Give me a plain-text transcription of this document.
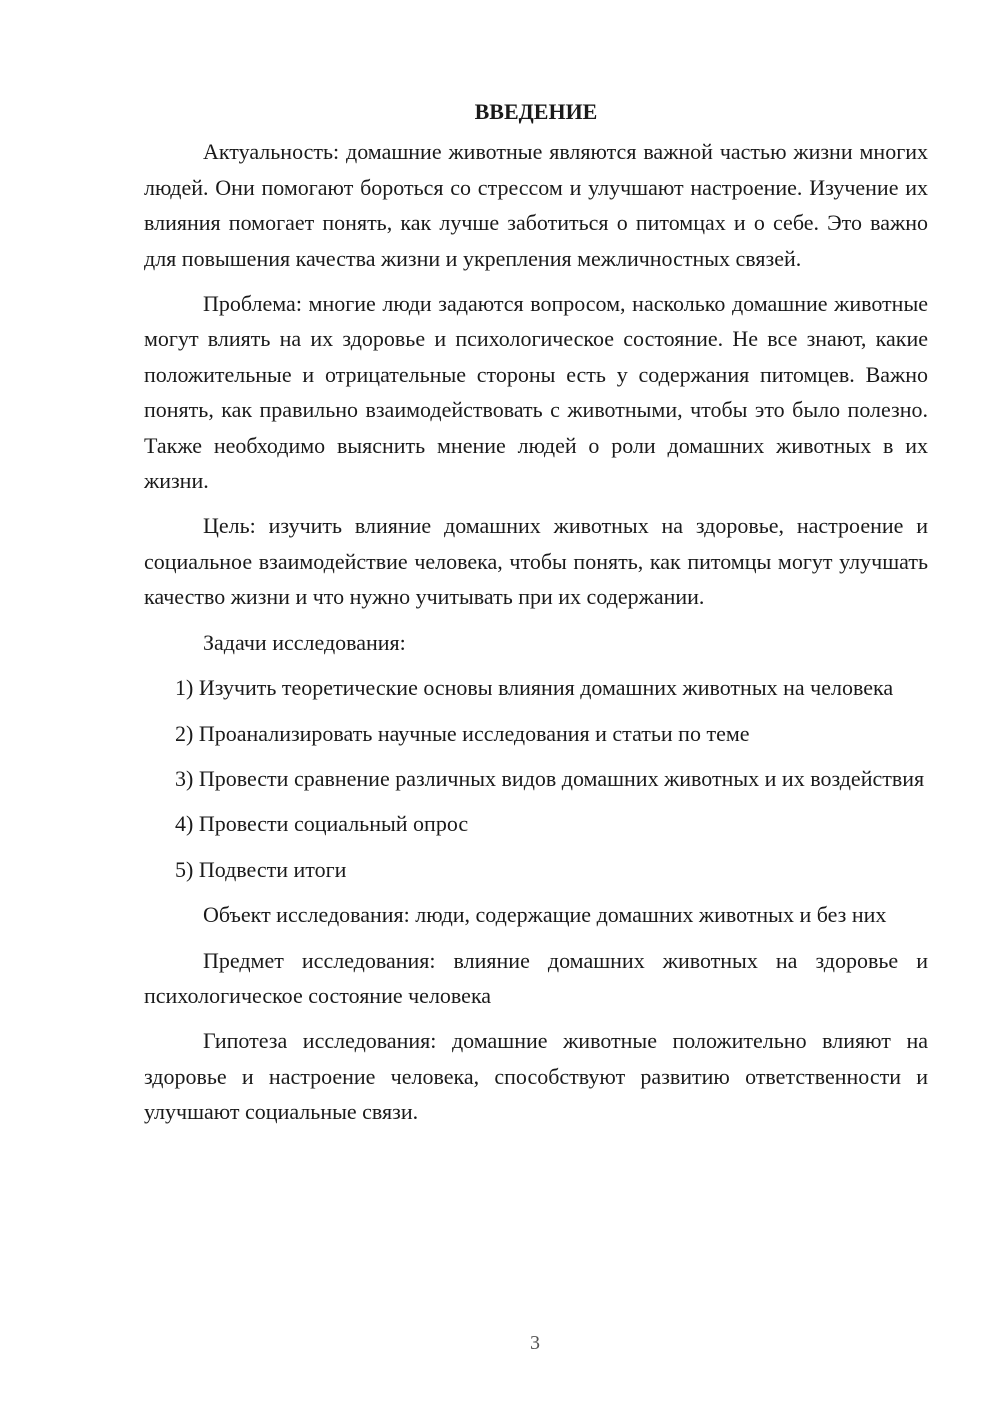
ВВЕДЕНИЕ

Актуальность: домашние животные являются важной частью жизни многих людей. Они помогают бороться со стрессом и улучшают настроение. Изучение их влияния помогает понять, как лучше заботиться о питомцах и о себе. Это важно для повышения качества жизни и укрепления межличностных связей.

Проблема: многие люди задаются вопросом, насколько домашние животные могут влиять на их здоровье и психологическое состояние. Не все знают, какие положительные и отрицательные стороны есть у содержания питомцев. Важно понять, как правильно взаимодействовать с животными, чтобы это было полезно. Также необходимо выяснить мнение людей о роли домашних животных в их жизни.

Цель: изучить влияние домашних животных на здоровье, настроение и социальное взаимодействие человека, чтобы понять, как питомцы могут улучшать качество жизни и что нужно учитывать при их содержании.

Задачи исследования:

1) Изучить теоретические основы влияния домашних животных на человека

2) Проанализировать научные исследования и статьи по теме

3) Провести сравнение различных видов домашних животных и их воздействия

4) Провести социальный опрос

5) Подвести итоги

Объект исследования: люди, содержащие домашних животных и без них

Предмет исследования: влияние домашних животных на здоровье и психологическое состояние человека

Гипотеза исследования: домашние животные положительно влияют на здоровье и настроение человека, способствуют развитию ответственности и улучшают социальные связи.

3
